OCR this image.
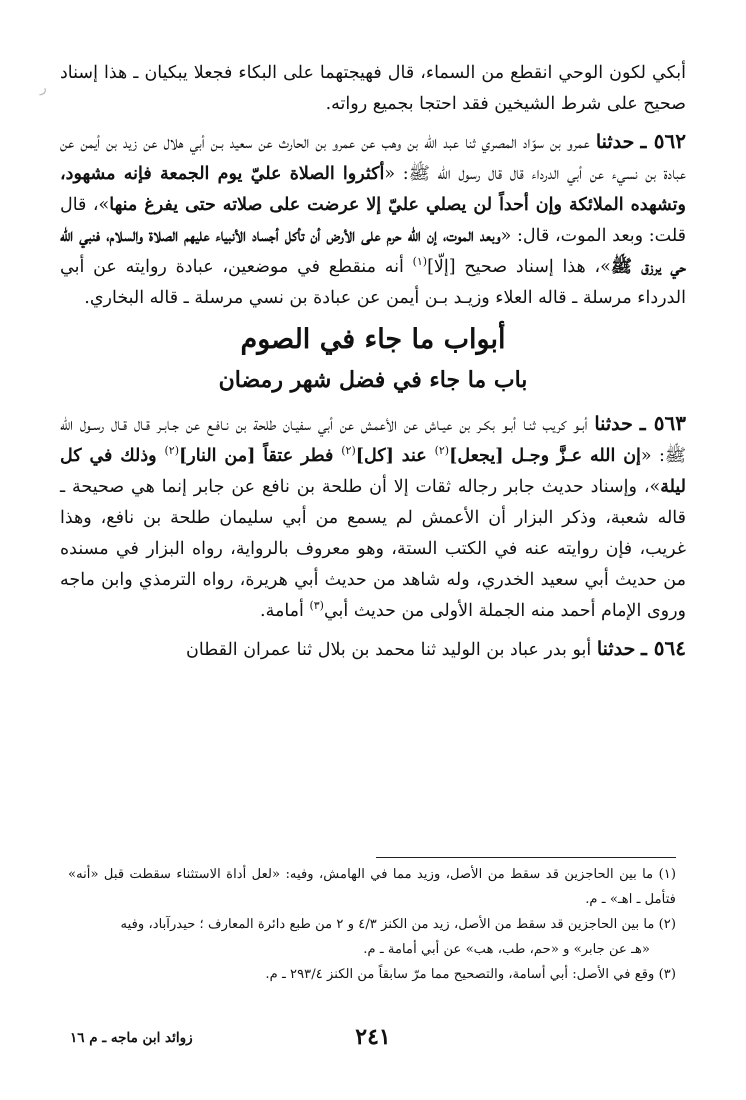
ﺭ

أبكي لكون الوحي انقطع من السماء، قال فهيجتهما على البكاء فجعلا يبكيان ـ هذا إسناد صحيح على شرط الشيخين فقد احتجا بجميع رواته.

٥٦٢ ـ حدثنا عمرو بن سوّاد المصري ثنا عبد الله بن وهب عن عمرو بن الحارث عن سعيد بـن أبي هلال عن زيد بن أيمن عن عبادة بن نسيء عن أبي الدرداء قال قال رسول الله ﷺ: «أكثروا الصلاة عليّ يوم الجمعة فإنه مشهود، وتشهده الملائكة وإن أحداً لن يصلي عليّ إلا عرضت على صلاته حتى يفرغ منها»، قال قلت: وبعد الموت، قال: «وبعد الموت، إن الله حرم على الأرض أن تأكل أجساد الأنبياء عليهم الصلاة والسلام، فنبي الله حي يرزق ﷺ»، هذا إسناد صحيح [إلّا]$^{(١)}$ أنه منقطع في موضعين، عبادة روايته عن أبي الدرداء مرسلة ـ قاله العلاء وزيـد بـن أيمن عن عبادة بن نسي مرسلة ـ قاله البخاري.

أبواب ما جاء في الصوم
باب ما جاء في فضل شهر رمضان

٥٦٣ ـ حدثنا أبـو كريب ثنـا أبـو بكـر بن عيـاش عن الأعمش عن أبي سفيـان طلحة بن نـافـع عن جـابـر قـال قـال رسـول الله ﷺ: «إن الله عـزَّ وجـل [يجعل]$^{(٢)}$ عند [كل]$^{(٢)}$ فطر عتقاً [من النار]$^{(٢)}$ وذلك في كل ليلة»، وإسناد حديث جابر رجاله ثقات إلا أن طلحة بن نافع عن جابر إنما هي صحيحة ـ قاله شعبة، وذكر البزار أن الأعمش لم يسمع من أبي سليمان طلحة بن نافع، وهذا غريب، فإن روايته عنه في الكتب الستة، وهو معروف بالرواية، رواه البزار في مسنده من حديث أبي سعيد الخدري، وله شاهد من حديث أبي هريرة، رواه الترمذي وابن ماجه وروى الإمام أحمد منه الجملة الأولى من حديث أبي$^{(٣)}$ أمامة.

٥٦٤ ـ حدثنا أبو بدر عباد بن الوليد ثنا محمد بن بلال ثنا عمران القطان

(١) ما بين الحاجزين قد سقط من الأصل، وزيد مما في الهامش، وفيه: «لعل أداة الاستثناء سقطت قبل «أنه» فتأمل ـ اهـ» ـ م.

(٢) ما بين الحاجزين قد سقط من الأصل، زيد من الكنز ٤/٣ و ٢ من طبع دائرة المعارف ؛ حيدرآباد، وفيه

«هـ عن جابر» و «حم، طب، هب» عن أبي أمامة ـ م.

(٣) وقع في الأصل: أبي أسامة، والتصحيح مما مرّ سابقاً من الكنز ٢٩٣/٤ ـ م.

٢٤١
زوائد ابن ماجه ـ م ١٦
